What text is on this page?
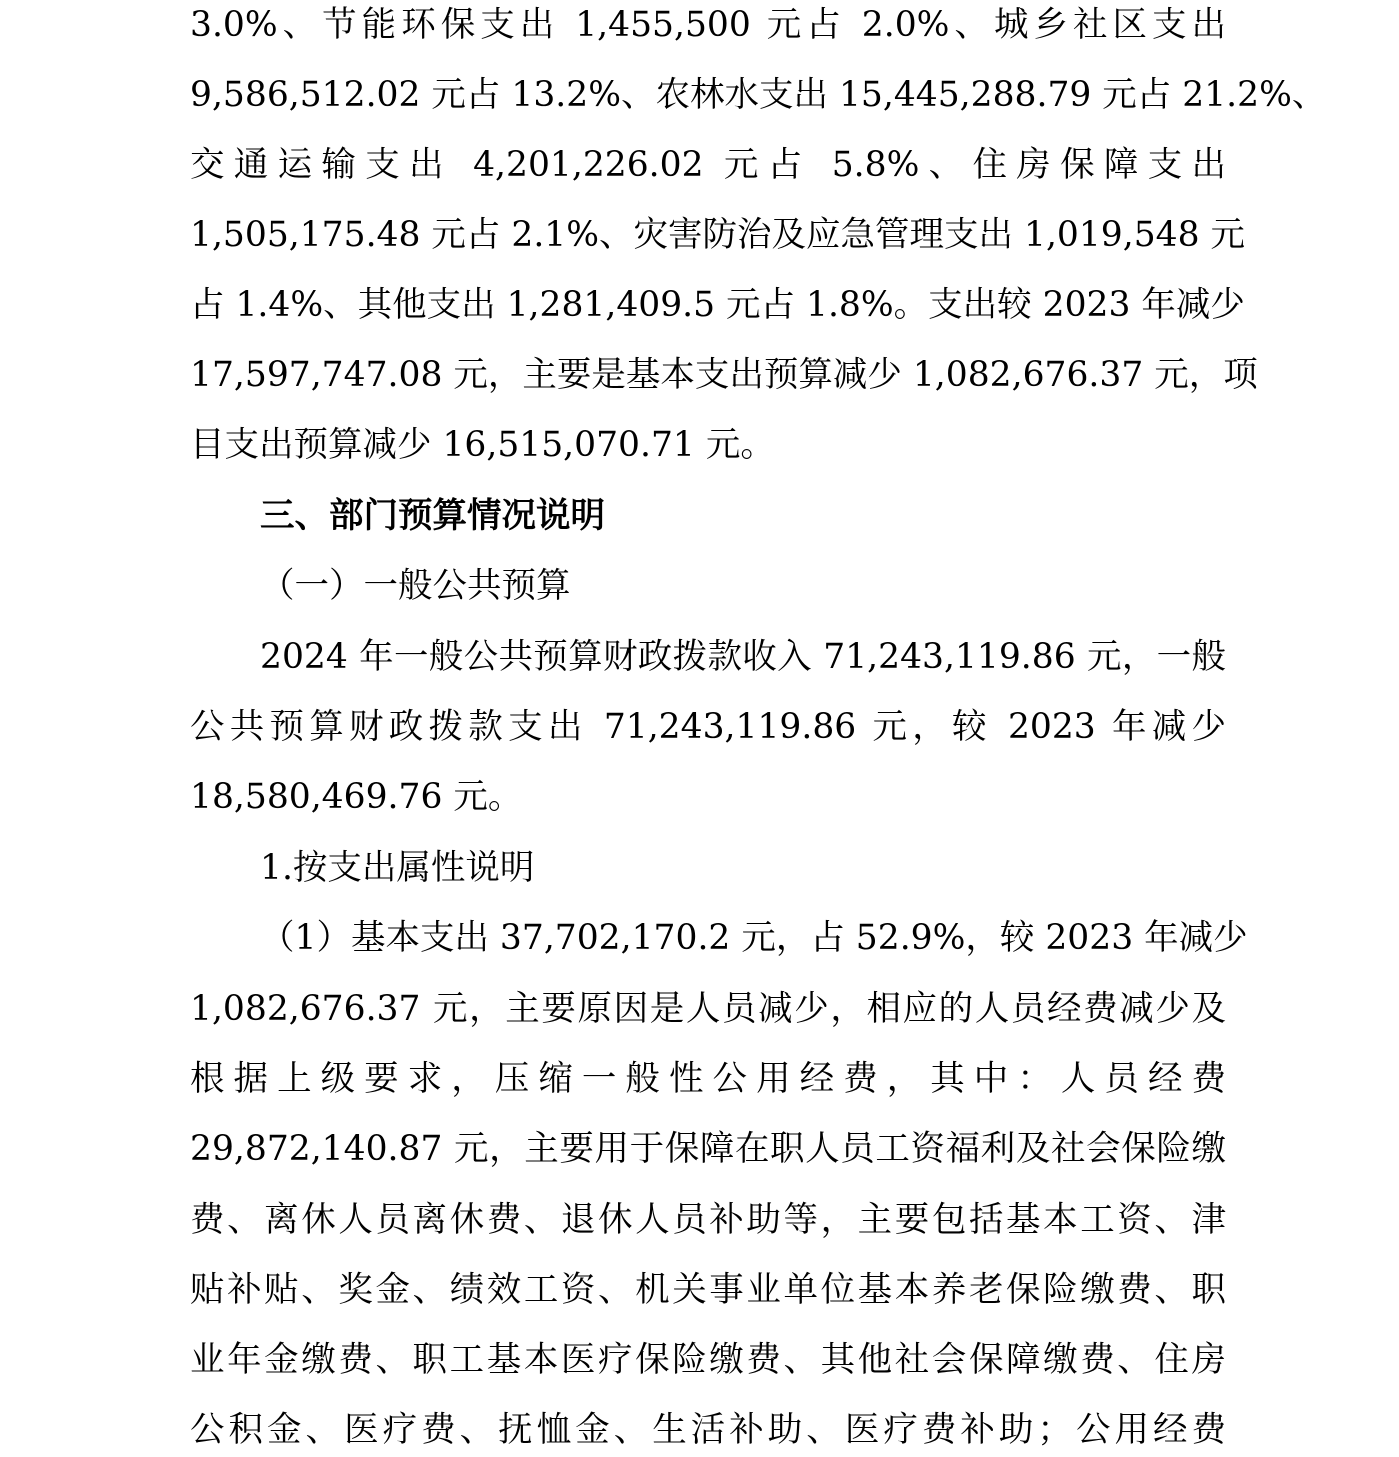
3.0%、节能环保支出 1,455,500 元占 2.0%、城乡社区支出
9,586,512.02 元占 13.2%、农林水支出 15,445,288.79 元占 21.2%、
交通运输支出 4,201,226.02 元占 5.8%、住房保障支出
1,505,175.48 元占 2.1%、灾害防治及应急管理支出 1,019,548 元
占 1.4%、其他支出 1,281,409.5 元占 1.8%。支出较 2023 年减少
17,597,747.08 元，主要是基本支出预算减少 1,082,676.37 元，项
目支出预算减少 16,515,070.71 元。
三、部门预算情况说明
（一）一般公共预算
2024 年一般公共预算财政拨款收入 71,243,119.86 元，一般
公共预算财政拨款支出 71,243,119.86 元，较 2023 年减少
18,580,469.76 元。
1.按支出属性说明
（1）基本支出 37,702,170.2 元，占 52.9%，较 2023 年减少
1,082,676.37 元，主要原因是人员减少，相应的人员经费减少及
根据上级要求，压缩一般性公用经费，其中：人员经费
29,872,140.87 元，主要用于保障在职人员工资福利及社会保险缴
费、离休人员离休费、退休人员补助等，主要包括基本工资、津
贴补贴、奖金、绩效工资、机关事业单位基本养老保险缴费、职
业年金缴费、职工基本医疗保险缴费、其他社会保障缴费、住房
公积金、医疗费、抚恤金、生活补助、医疗费补助；公用经费
